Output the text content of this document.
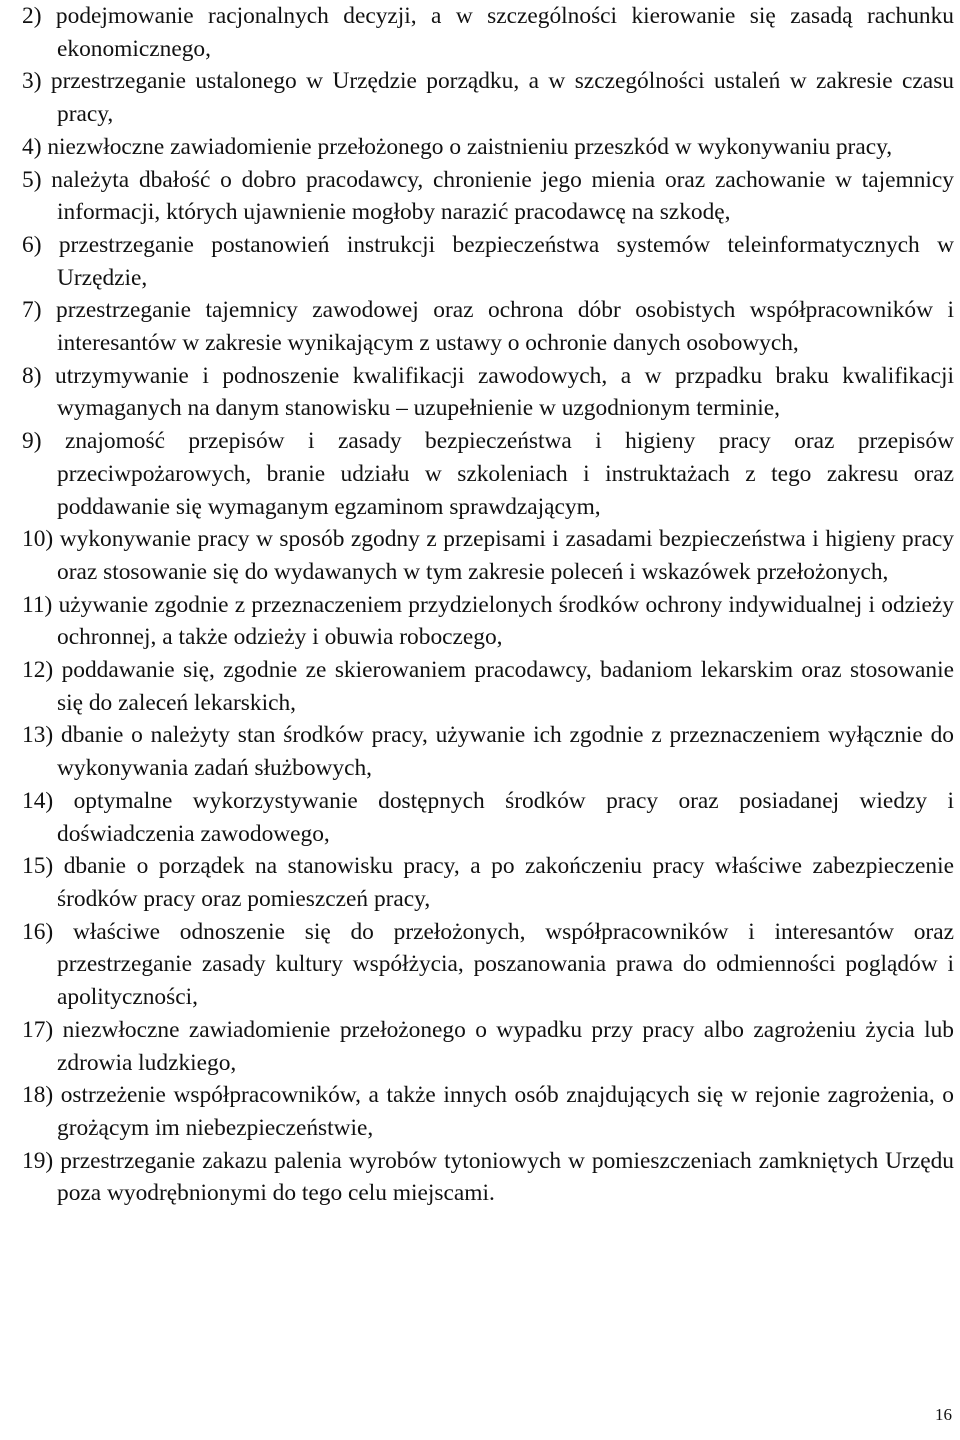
2) podejmowanie racjonalnych decyzji, a w szczególności kierowanie się zasadą rachunku ekonomicznego,
3) przestrzeganie ustalonego w Urzędzie porządku, a w szczególności ustaleń w zakresie czasu pracy,
4) niezwłoczne zawiadomienie przełożonego o zaistnieniu przeszkód w wykonywaniu pracy,
5) należyta dbałość o dobro pracodawcy, chronienie jego mienia oraz zachowanie w tajemnicy informacji, których ujawnienie mogłoby narazić pracodawcę na szkodę,
6) przestrzeganie postanowień instrukcji bezpieczeństwa systemów teleinformatycznych w Urzędzie,
7) przestrzeganie tajemnicy zawodowej oraz ochrona dóbr osobistych współpracowników i interesantów w zakresie wynikającym z ustawy o ochronie danych osobowych,
8) utrzymywanie i podnoszenie kwalifikacji zawodowych, a w przpadku braku kwalifikacji wymaganych na danym stanowisku – uzupełnienie w uzgodnionym terminie,
9) znajomość przepisów i zasady bezpieczeństwa i higieny pracy oraz przepisów przeciwpożarowych, branie udziału w szkoleniach i instruktażach z tego zakresu oraz poddawanie się wymaganym egzaminom sprawdzającym,
10) wykonywanie pracy w sposób zgodny z przepisami i zasadami bezpieczeństwa i higieny pracy oraz stosowanie się do wydawanych w tym zakresie poleceń i wskazówek przełożonych,
11) używanie zgodnie z przeznaczeniem przydzielonych środków ochrony indywidualnej i odzieży ochronnej, a także odzieży i obuwia roboczego,
12) poddawanie się, zgodnie ze skierowaniem pracodawcy, badaniom lekarskim oraz stosowanie się do zaleceń lekarskich,
13) dbanie o należyty stan środków pracy, używanie ich zgodnie z przeznaczeniem wyłącznie do wykonywania zadań służbowych,
14) optymalne wykorzystywanie dostępnych środków pracy oraz posiadanej wiedzy i doświadczenia zawodowego,
15) dbanie o porządek na stanowisku pracy, a po zakończeniu pracy właściwe zabezpieczenie środków pracy oraz pomieszczeń pracy,
16) właściwe odnoszenie się do przełożonych, współpracowników i interesantów oraz przestrzeganie zasady kultury współżycia, poszanowania prawa do odmienności poglądów i apolityczności,
17) niezwłoczne zawiadomienie przełożonego o wypadku przy pracy albo zagrożeniu życia lub zdrowia ludzkiego,
18) ostrzeżenie współpracowników, a także innych osób znajdujących się w rejonie zagrożenia, o grożącym im niebezpieczeństwie,
19) przestrzeganie zakazu palenia wyrobów tytoniowych w pomieszczeniach zamkniętych Urzędu poza wyodrębnionymi do tego celu miejscami.
16
